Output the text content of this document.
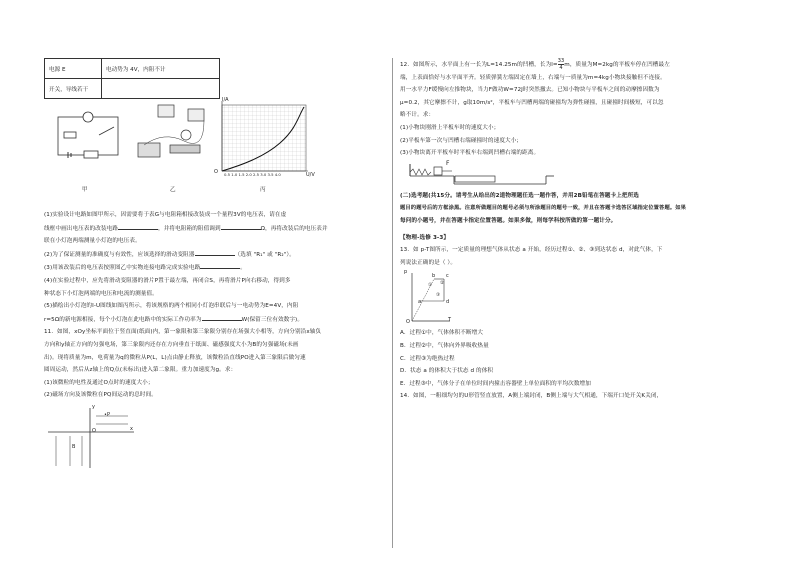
电源 E	电动势为 4V，内阻不计
开关，导线若干	
I/A
O 0.5 1.0 1.5 2.0 2.5 3.0 3.5 4.0	U/V
甲	乙	丙
(1)实验设计电路如图甲所示，因需要将于表G与电阻箱相接改装成一个量程3V的电压表，请在虚
线框中画出电压表的改装电路	，并将电阻箱的阻值调到	Ω，再将改装后的电压表并
联在小灯泡两端测量小灯泡的电压表。
(2)为了保证测量的准确度与有效性，应该选择的滑动变阻器	（选填 "R₁" 或 "R₂"）。
(3)用该改装后的电压表按照图乙中实物连接电路完成实验电路	。
(4)在实验过程中，应先将滑动变阻器的滑片P置于最左端，再闭合S，再将滑片P向右移动，得到多
种状态下小灯泡两端的电压和电流的测量值。
(5)描绘出小灯泡的I-U图线如图丙所示，将该规格的两个相同小灯泡串联后与一电动势为E=4V，内阻
r=5Ω的新电源相接，每个小灯泡在此电路中的实际工作功率为	W(保留三位有效数字)。
11．如图，xOy坐标平面位于竖直面(纸面)内，第一象限和第三象限分别存在场强大小相等，方向分别沿x轴负
方向和y轴正方向的匀强电场，第三象限内还存在方向垂直于纸面、磁感强度大小为B的匀强磁场(未画
出)。现将质量为m，电荷量为q的微粒从P(L，L)点由静止释放，该微粒沿直线PO进入第三象限后做匀速
圆周运动，然后从z轴上的Q点(未标出)进入第二象限。重力加速度为g。求：
(1)该微粒的电性及通过O点时的速度大小；
(2)磁场方向及该微粒在PQ间运动的总时间。
y
x
•P
O
B
12．如图所示，水平面上有一长为L=14.25m的凹槽，长为$l= \frac{33}{4}$ m，质量为M=2kg的平板车停在凹槽最左
端，上表面恰好与水平面平齐。轻质弹簧左端固定在墙上，右端与一质量为m=4kg小物块接触但不连接。
用一水平力F缓慢向左推物块，当力F做功W=72J时突然撤去。已知小物块与平板车之间的动摩擦因数为
μ=0.2，其它摩擦不计，g取10m/s²，平板车与凹槽两端的碰撞均为弹性碰撞，且碰撞时间极短，可以忽
略不计。求：
(1)小物块刚滑上平板车时的速度大小；
(2)平板车第一次与凹槽右端碰撞时的速度大小；
(3)小物块离开平板车时平板车右端到凹槽右端的距离。
F
(二)选考题(共15分。请考生从给出的2道物理题任选一题作答，并用2B铅笔在答题卡上把所选
题目的题号后的方框涂黑。注意所做题目的题号必须与所涂题目的题号一致，并且在答题卡选答区域指定位置答题。如果
每问的小题号，并在答题卡指定位置答题。如果多做，则每学科按所做的第一题计分。
【物理-选修 3-3】
13．如 p-T图所示，一定质量的理想气体从状态 a 开始，经历过程①、②、③到达状态 d，对此气体，下
列说法正确的是（ ）。
p
T
O
b c
d
a
① ②
③
A．过程①中，气体体积不断增大
B．过程②中，气体向外界吸收热量
C．过程③为绝热过程
D．状态 a 的体积大于状态 d 的体积
E．过程③中，气体分子在单位时间内撞击容器壁上单位面积的平均次数增加
14．如图，一粗细均匀的U形管竖直放置，A侧上端封闭，B侧上端与大气相通，下端开口处开关K关闭，
